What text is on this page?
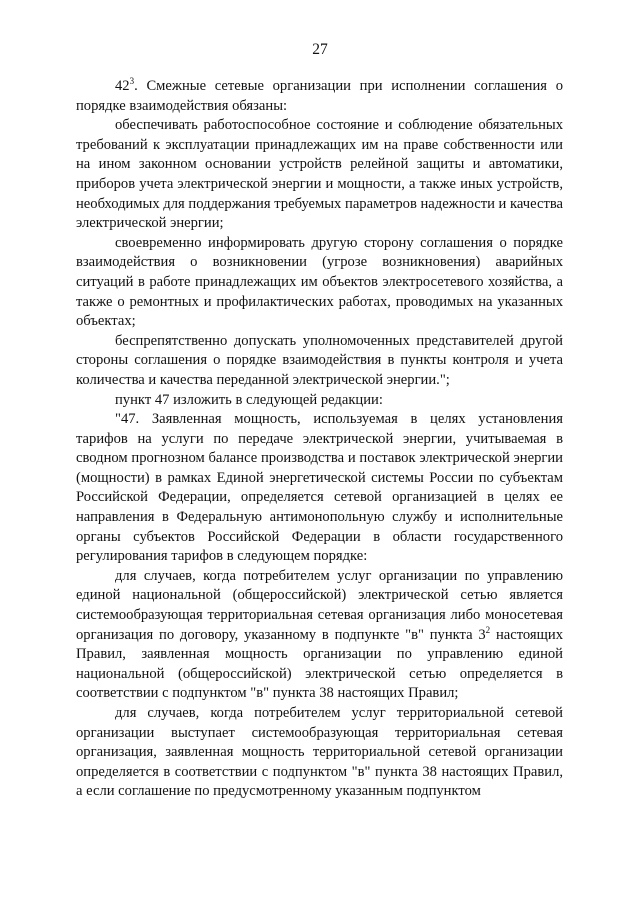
27

$42^3$. Смежные сетевые организации при исполнении соглашения о порядке взаимодействия обязаны:

обеспечивать работоспособное состояние и соблюдение обязательных требований к эксплуатации принадлежащих им на праве собственности или на ином законном основании устройств релейной защиты и автоматики, приборов учета электрической энергии и мощности, а также иных устройств, необходимых для поддержания требуемых параметров надежности и качества электрической энергии;

своевременно информировать другую сторону соглашения о порядке взаимодействия о возникновении (угрозе возникновения) аварийных ситуаций в работе принадлежащих им объектов электросетевого хозяйства, а также о ремонтных и профилактических работах, проводимых на указанных объектах;

беспрепятственно допускать уполномоченных представителей другой стороны соглашения о порядке взаимодействия в пункты контроля и учета количества и качества переданной электрической энергии.";

пункт 47 изложить в следующей редакции:

"47. Заявленная мощность, используемая в целях установления тарифов на услуги по передаче электрической энергии, учитываемая в сводном прогнозном балансе производства и поставок электрической энергии (мощности) в рамках Единой энергетической системы России по субъектам Российской Федерации, определяется сетевой организацией в целях ее направления в Федеральную антимонопольную службу и исполнительные органы субъектов Российской Федерации в области государственного регулирования тарифов в следующем порядке:

для случаев, когда потребителем услуг организации по управлению единой национальной (общероссийской) электрической сетью является системообразующая территориальная сетевая организация либо моносетевая организация по договору, указанному в подпункте "в" пункта $3^2$ настоящих Правил, заявленная мощность организации по управлению единой национальной (общероссийской) электрической сетью определяется в соответствии с подпунктом "в" пункта 38 настоящих Правил;

для случаев, когда потребителем услуг территориальной сетевой организации выступает системообразующая территориальная сетевая организация, заявленная мощность территориальной сетевой организации определяется в соответствии с подпунктом "в" пункта 38 настоящих Правил, а если соглашение по предусмотренному указанным подпунктом
